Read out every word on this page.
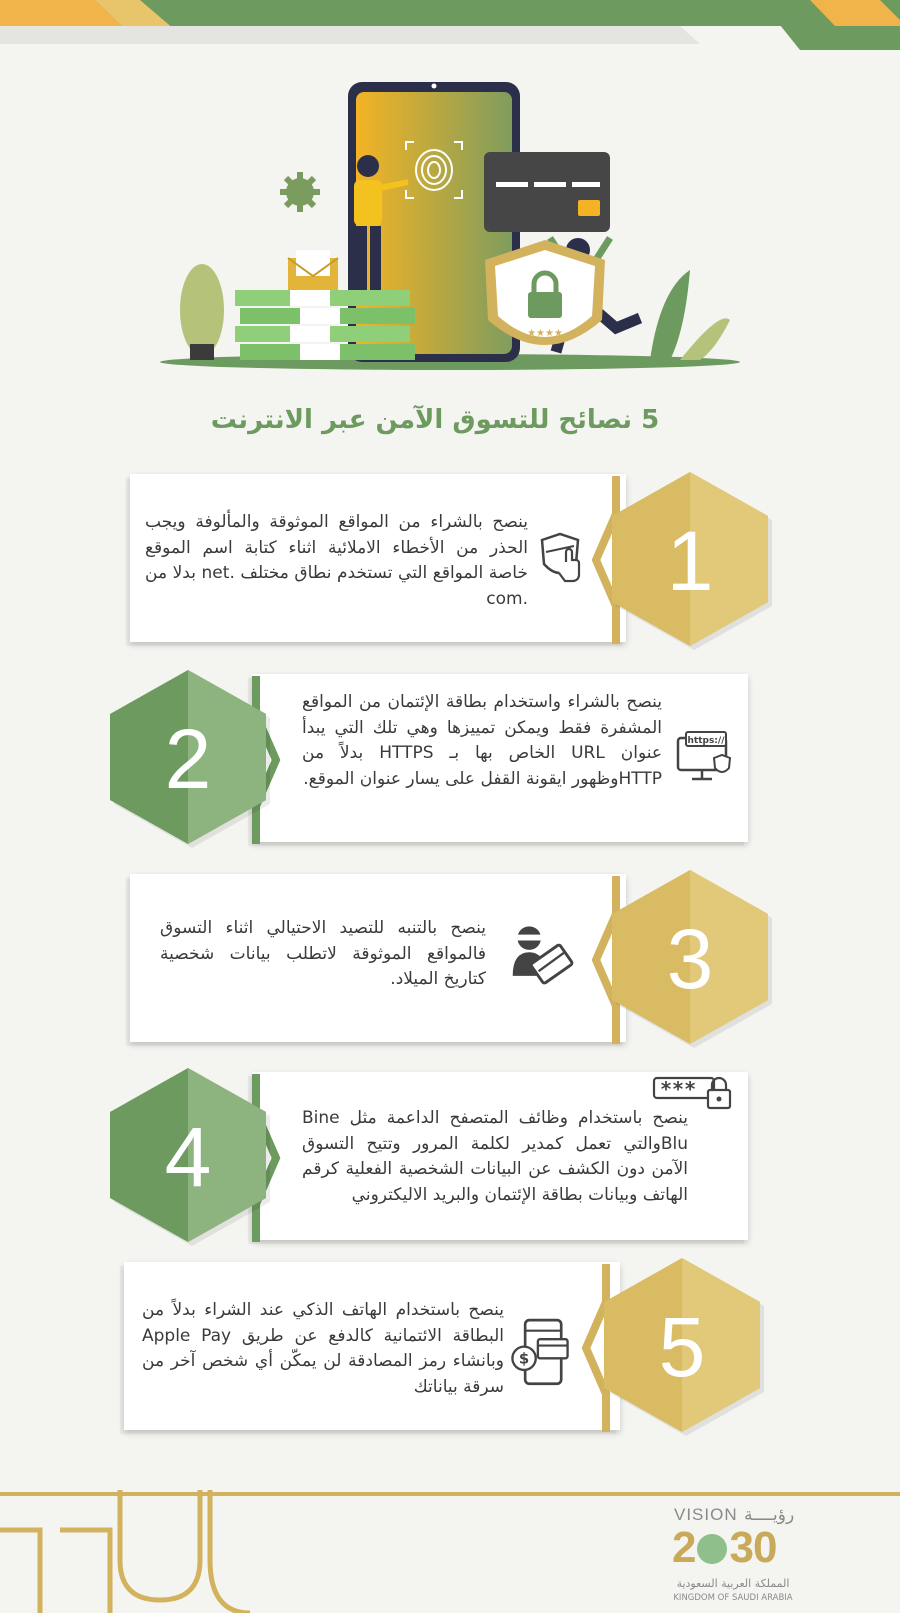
★★★★
5 نصائح للتسوق الآمن عبر الانترنت
ينصح بالشراء من المواقع الموثوقة والمألوفة ويجب الحذر من الأخطاء الاملائية اثناء كتابة اسم الموقع خاصة المواقع التي تستخدم نطاق مختلف .net بدلا من .com	1
ينصح بالشراء واستخدام بطاقة الإئتمان من المواقع المشفرة فقط ويمكن تمييزها وهي تلك التي يبدأ عنوان URL الخاص بها بـ HTTPS بدلاً من HTTPوظهور ايقونة القفل على يسار عنوان الموقع.
https://
2
ينصح بالتنبه للتصيد الاحتيالي اثناء التسوق فالمواقع الموثوقة لاتطلب بيانات شخصية كتاريخ الميلاد.	3
ينصح باستخدام وظائف المتصفح الداعمة مثل Bine Bluوالتي تعمل كمدير لكلمة المرور وتتيح التسوق الآمن دون الكشف عن البيانات الشخصية الفعلية كرقم الهاتف وبيانات بطاقة الإئتمان والبريد الاليكتروني
***
4
ينصح باستخدام الهاتف الذكي عند الشراء بدلاً من البطاقة الائتمانية كالدفع عن طريق Apple Pay وبانشاء رمز المصادقة لن يمكّن أي شخص آخر من سرقة بياناتك
$	5
VISION رؤيــــة
2 30
المملكة العربية السعودية
KINGDOM OF SAUDI ARABIA
